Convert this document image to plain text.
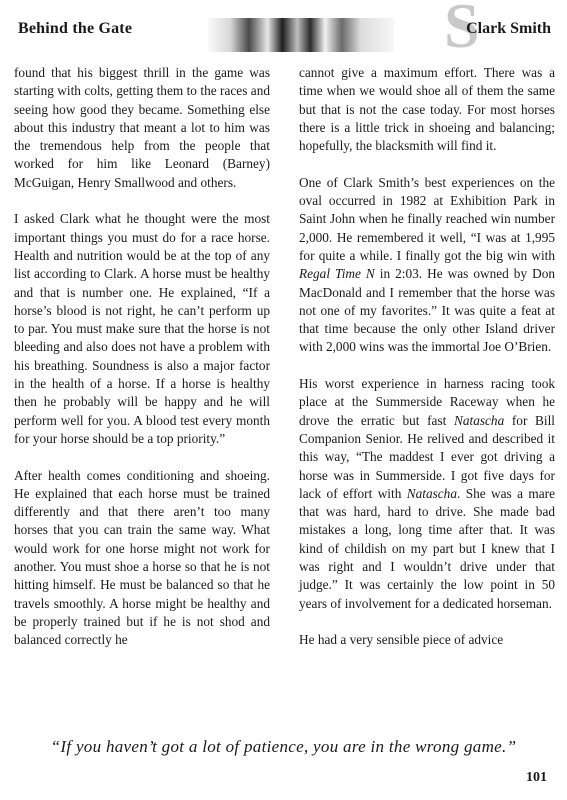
Behind the Gate	S
Clark Smith

found that his biggest thrill in the game was starting with colts, getting them to the races and seeing how good they became. Something else about this industry that meant a lot to him was the tremendous help from the people that worked for him like Leonard (Barney) McGuigan, Henry Smallwood and others.

I asked Clark what he thought were the most important things you must do for a race horse. Health and nutrition would be at the top of any list according to Clark. A horse must be healthy and that is number one. He explained, “If a horse’s blood is not right, he can’t perform up to par. You must make sure that the horse is not bleeding and also does not have a problem with his breathing. Soundness is also a major factor in the health of a horse. If a horse is healthy then he probably will be happy and he will perform well for you. A blood test every month for your horse should be a top priority.”

After health comes conditioning and shoeing. He explained that each horse must be trained differently and that there aren’t too many horses that you can train the same way. What would work for one horse might not work for another. You must shoe a horse so that he is not hitting himself. He must be balanced so that he travels smoothly. A horse might be healthy and be properly trained but if he is not shod and balanced correctly he

cannot give a maximum effort. There was a time when we would shoe all of them the same but that is not the case today. For most horses there is a little trick in shoeing and balancing; hopefully, the blacksmith will find it.

One of Clark Smith’s best experiences on the oval occurred in 1982 at Exhibition Park in Saint John when he finally reached win number 2,000. He remembered it well, “I was at 1,995 for quite a while. I finally got the big win with Regal Time N in 2:03. He was owned by Don MacDonald and I remember that the horse was not one of my favorites.” It was quite a feat at that time because the only other Island driver with 2,000 wins was the immortal Joe O’Brien.

His worst experience in harness racing took place at the Summerside Raceway when he drove the erratic but fast Natascha for Bill Companion Senior. He relived and described it this way, “The maddest I ever got driving a horse was in Summerside. I got five days for lack of effort with Natascha. She was a mare that was hard, hard to drive. She made bad mistakes a long, long time after that. It was kind of childish on my part but I knew that I was right and I wouldn’t drive under that judge.” It was certainly the low point in 50 years of involvement for a dedicated horseman.

He had a very sensible piece of advice

“If you haven’t got a lot of patience, you are in the wrong game.”
101
